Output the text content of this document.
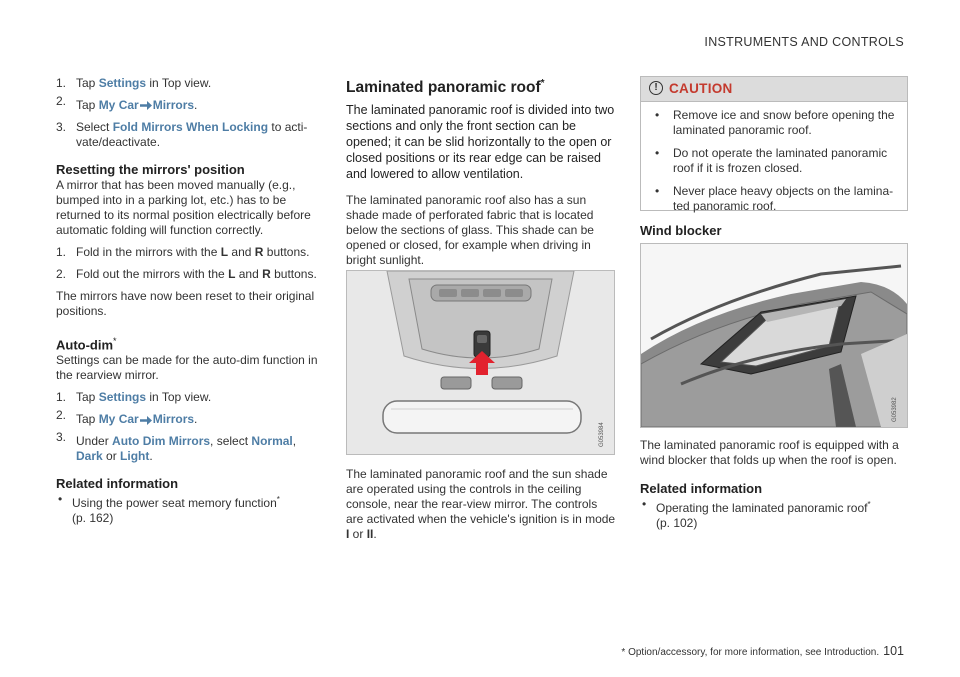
INSTRUMENTS AND CONTROLS
1. Tap Settings in Top view.
2. Tap My Car Mirrors.
3. Select Fold Mirrors When Locking to acti-vate/deactivate.
Resetting the mirrors' position

A mirror that has been moved manually (e.g., bumped into in a parking lot, etc.) has to be returned to its normal position electrically before automatic folding will function correctly.

1. Fold in the mirrors with the L and R buttons.
2. Fold out the mirrors with the L and R buttons.

The mirrors have now been reset to their original positions.

Auto-dim*

Settings can be made for the auto-dim function in the rearview mirror.

1. Tap Settings in Top view.
2. Tap My Car Mirrors.
3. Under Auto Dim Mirrors, select Normal,
Dark or Light.
Related information
• Using the power seat memory function*
(p. 162)
Laminated panoramic roof*

The laminated panoramic roof is divided into two sections and only the front section can be opened; it can be slid horizontally to the open or closed positions or its rear edge can be raised and lowered to allow ventilation.

The laminated panoramic roof also has a sun shade made of perforated fabric that is located below the sections of glass. This shade can be opened or closed, for example when driving in bright sunlight.

G053984

The laminated panoramic roof and the sun shade are operated using the controls in the ceiling console, near the rear-view mirror. The controls are activated when the vehicle's ignition is in mode I or II.

! CAUTION
• Remove ice and snow before opening the laminated panoramic roof.
• Do not operate the laminated panoramic roof if it is frozen closed.
• Never place heavy objects on the lamina-ted panoramic roof.
Wind blocker
G053982

The laminated panoramic roof is equipped with a wind blocker that folds up when the roof is open.

Related information
• Operating the laminated panoramic roof*
(p. 102)
* Option/accessory, for more information, see Introduction. 101
